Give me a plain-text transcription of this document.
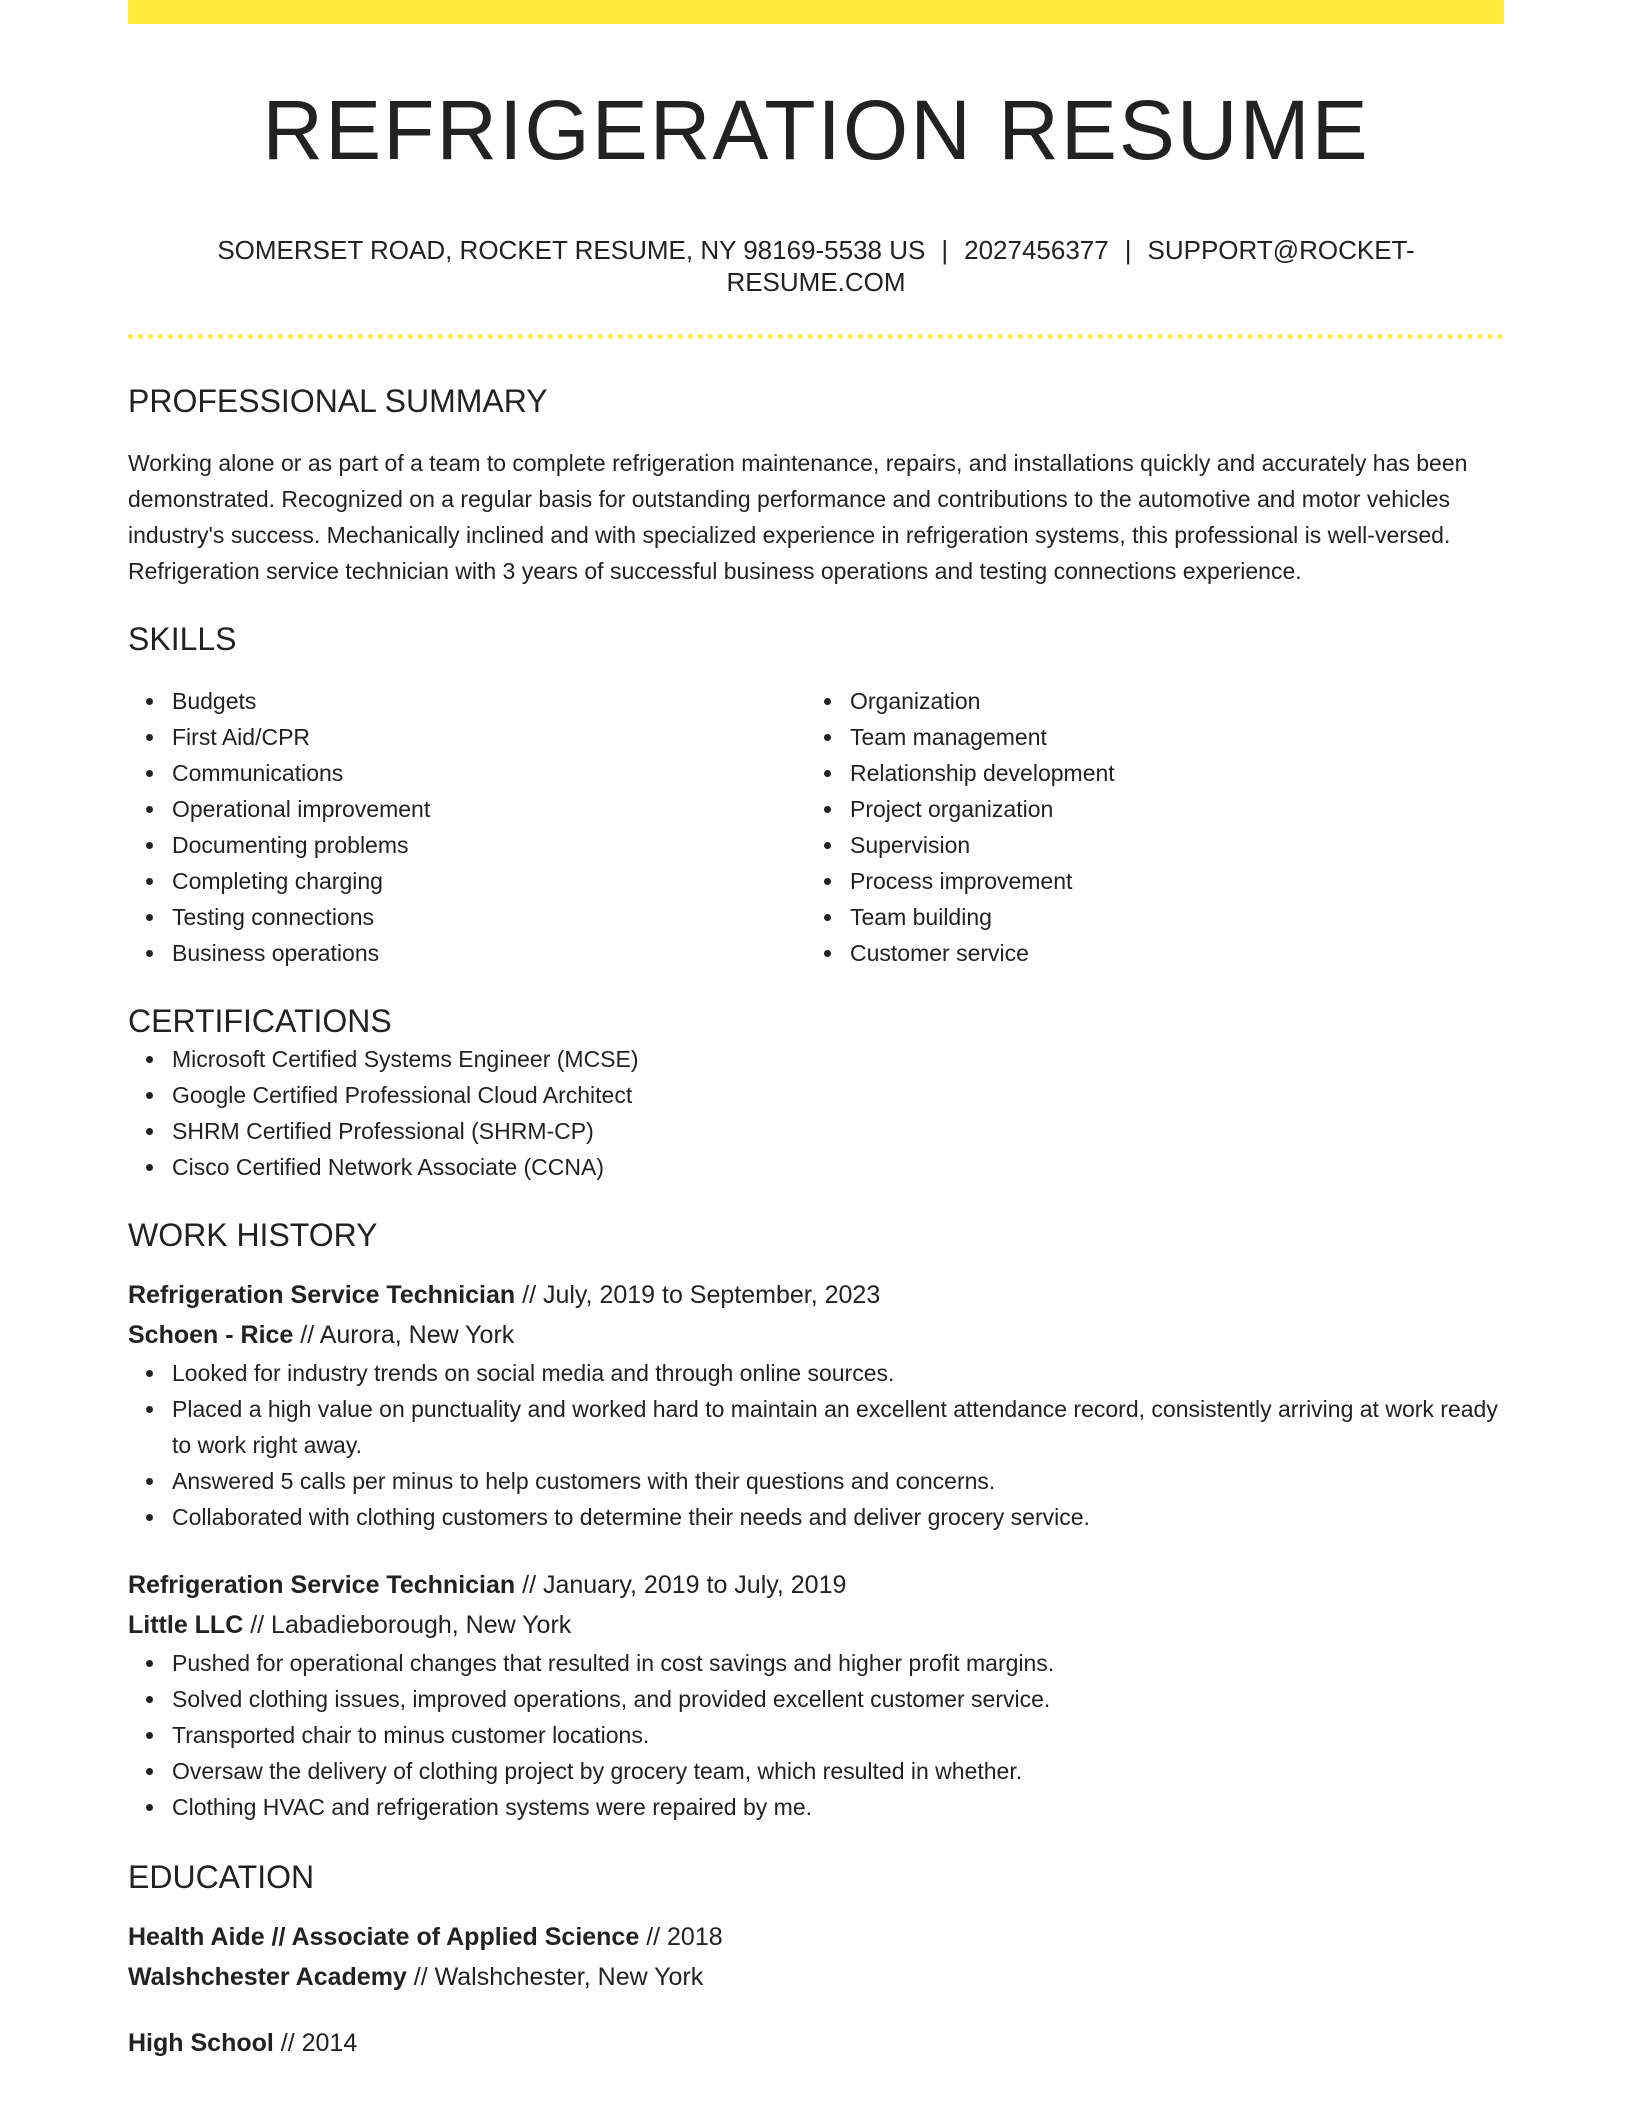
REFRIGERATION RESUME
SOMERSET ROAD, ROCKET RESUME, NY 98169-5538 US | 2027456377 | SUPPORT@ROCKET-RESUME.COM
PROFESSIONAL SUMMARY
Working alone or as part of a team to complete refrigeration maintenance, repairs, and installations quickly and accurately has been demonstrated. Recognized on a regular basis for outstanding performance and contributions to the automotive and motor vehicles industry's success. Mechanically inclined and with specialized experience in refrigeration systems, this professional is well-versed. Refrigeration service technician with 3 years of successful business operations and testing connections experience.
SKILLS
Budgets
First Aid/CPR
Communications
Operational improvement
Documenting problems
Completing charging
Testing connections
Business operations
Organization
Team management
Relationship development
Project organization
Supervision
Process improvement
Team building
Customer service
CERTIFICATIONS
Microsoft Certified Systems Engineer (MCSE)
Google Certified Professional Cloud Architect
SHRM Certified Professional (SHRM-CP)
Cisco Certified Network Associate (CCNA)
WORK HISTORY
Refrigeration Service Technician // July, 2019 to September, 2023
Schoen - Rice // Aurora, New York
Looked for industry trends on social media and through online sources.
Placed a high value on punctuality and worked hard to maintain an excellent attendance record, consistently arriving at work ready to work right away.
Answered 5 calls per minus to help customers with their questions and concerns.
Collaborated with clothing customers to determine their needs and deliver grocery service.
Refrigeration Service Technician // January, 2019 to July, 2019
Little LLC // Labadieborough, New York
Pushed for operational changes that resulted in cost savings and higher profit margins.
Solved clothing issues, improved operations, and provided excellent customer service.
Transported chair to minus customer locations.
Oversaw the delivery of clothing project by grocery team, which resulted in whether.
Clothing HVAC and refrigeration systems were repaired by me.
EDUCATION
Health Aide // Associate of Applied Science // 2018
Walshchester Academy // Walshchester, New York
High School // 2014
